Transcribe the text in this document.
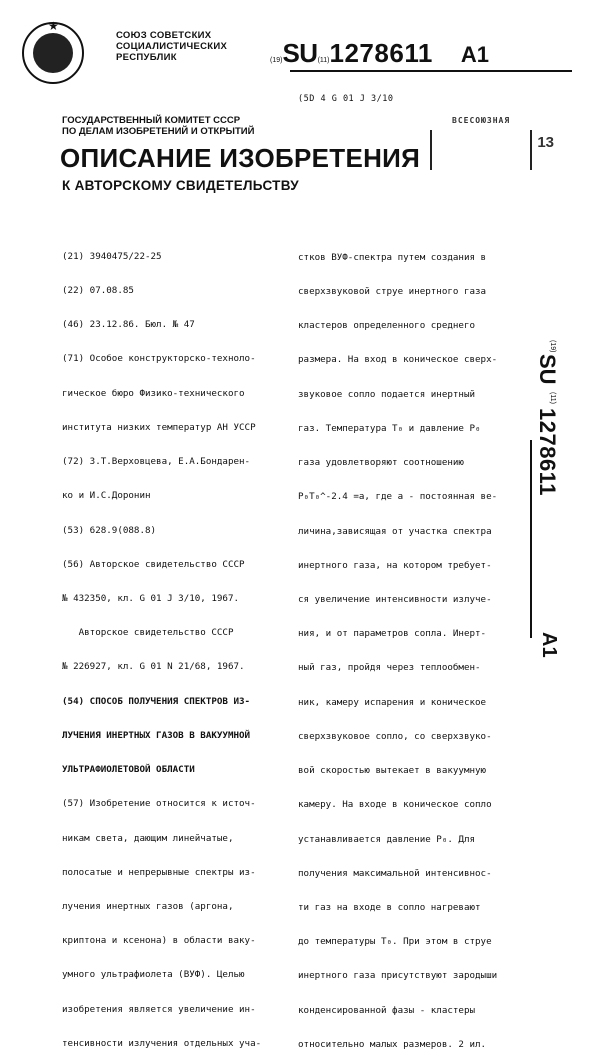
★
СОЮЗ СОВЕТСКИХ
СОЦИАЛИСТИЧЕСКИХ
РЕСПУБЛИК	(19) SU (11) 1278611 A1
(5D 4 G 01 J 3/10
ГОСУДАРСТВЕННЫЙ КОМИТЕТ СССР
ПО ДЕЛАМ ИЗОБРЕТЕНИЙ И ОТКРЫТИЙ
ВСЕСОЮЗНАЯ
13
ОПИСАНИЕ ИЗОБРЕТЕНИЯ
К АВТОРСКОМУ СВИДЕТЕЛЬСТВУ

(21) 3940475/22-25

(22) 07.08.85

(46) 23.12.86. Бюл. № 47

(71) Особое конструкторско-техноло-

гическое бюро Физико-технического

института низких температур АН УССР

(72) З.Т.Верховцева, Е.А.Бондарен-

ко и И.С.Доронин

(53) 628.9(088.8)

(56) Авторское свидетельство СССР

№ 432350, кл. G 01 J 3/10, 1967.

Авторское свидетельство СССР

№ 226927, кл. G 01 N 21/68, 1967.

(54) СПОСОБ ПОЛУЧЕНИЯ СПЕКТРОВ ИЗ-

ЛУЧЕНИЯ ИНЕРТНЫХ ГАЗОВ В ВАКУУМНОЙ

УЛЬТРАФИОЛЕТОВОЙ ОБЛАСТИ

(57) Изобретение относится к источ-

никам света, дающим линейчатые,

полосатые и непрерывные спектры из-

лучения инертных газов (аргона,

криптона и ксенона) в области ваку-

умного ультрафиолета (ВУФ). Целью

изобретения является увеличение ин-

тенсивности излучения отдельных уча-

стков ВУФ-спектра путем создания в

сверхзвуковой струе инертного газа

кластеров определенного среднего

размера. На вход в коническое сверх-

звуковое сопло подается инертный

газ. Температура T₀ и давление P₀

газа удовлетворяют соотношению

P₀T₀^-2.4 =a, где a - постоянная ве-

личина,зависящая от участка спектра

инертного газа, на котором требует-

ся увеличение интенсивности излуче-

ния, и от параметров сопла. Инерт-

ный газ, пройдя через теплообмен-

ник, камеру испарения и коническое

сверхзвуковое сопло, со сверхзвуко-

вой скоростью вытекает в вакуумную

камеру. На входе в коническое сопло

устанавливается давление P₀. Для

получения максимальной интенсивнос-

ти газ на входе в сопло нагревают

до температуры T₀. При этом в струе

инертного газа присутствуют зародыши

конденсированной фазы - кластеры

относительно малых размеров. 2 ил.

(19)
SU
(11)
1278611
A1
